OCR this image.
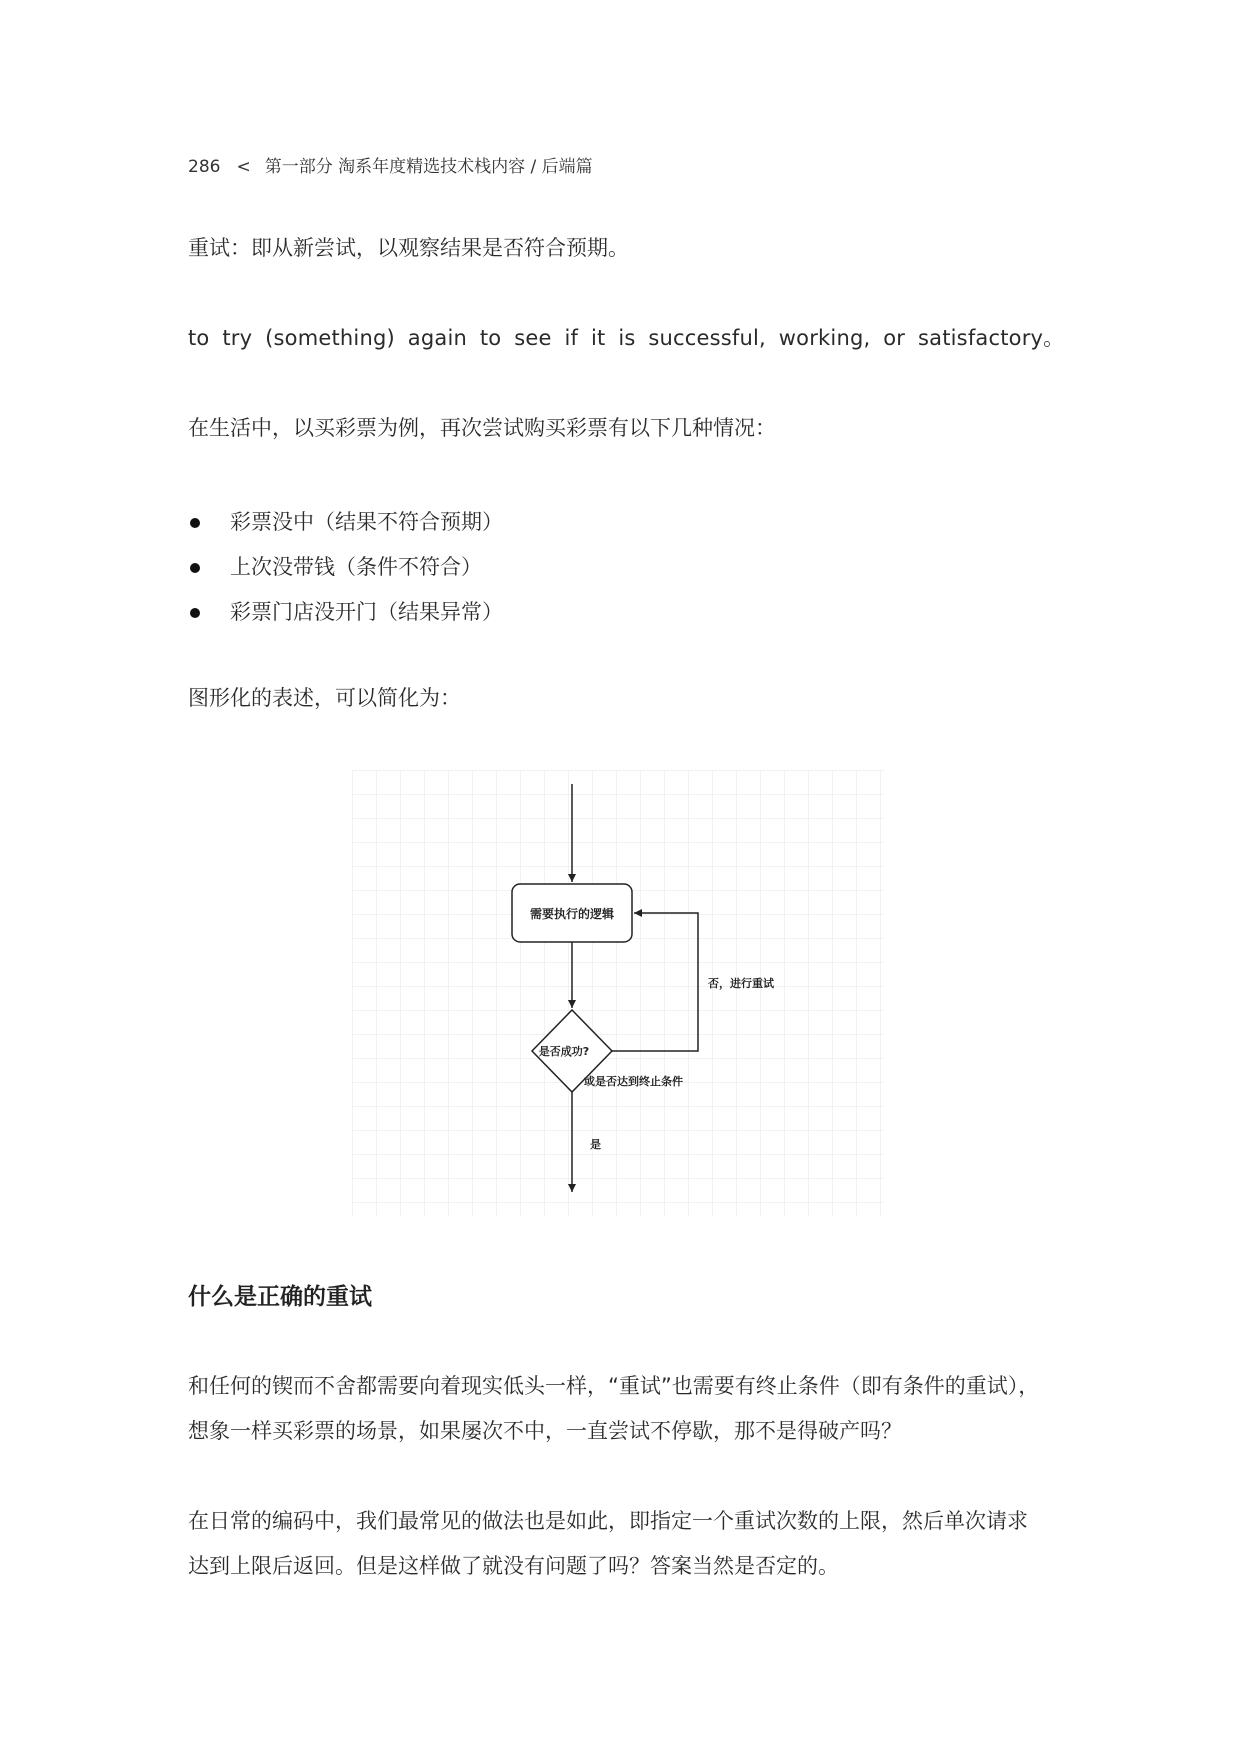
286 < 第一部分 淘系年度精选技术栈内容 / 后端篇

重试：即从新尝试，以观察结果是否符合预期。

to try (something) again to see if it is successful, working, or satisfactory。

在生活中，以买彩票为例，再次尝试购买彩票有以下几种情况：

彩票没中（结果不符合预期）
上次没带钱（条件不符合）
彩票门店没开门（结果异常）

图形化的表述，可以简化为：

需要执行的逻辑
是否成功?
或是否达到终止条件
否，进行重试
是
什么是正确的重试

和任何的锲而不舍都需要向着现实低头一样，“重试”也需要有终止条件（即有条件的重试），

想象一样买彩票的场景，如果屡次不中，一直尝试不停歇，那不是得破产吗？

在日常的编码中，我们最常见的做法也是如此，即指定一个重试次数的上限，然后单次请求

达到上限后返回。但是这样做了就没有问题了吗？答案当然是否定的。
